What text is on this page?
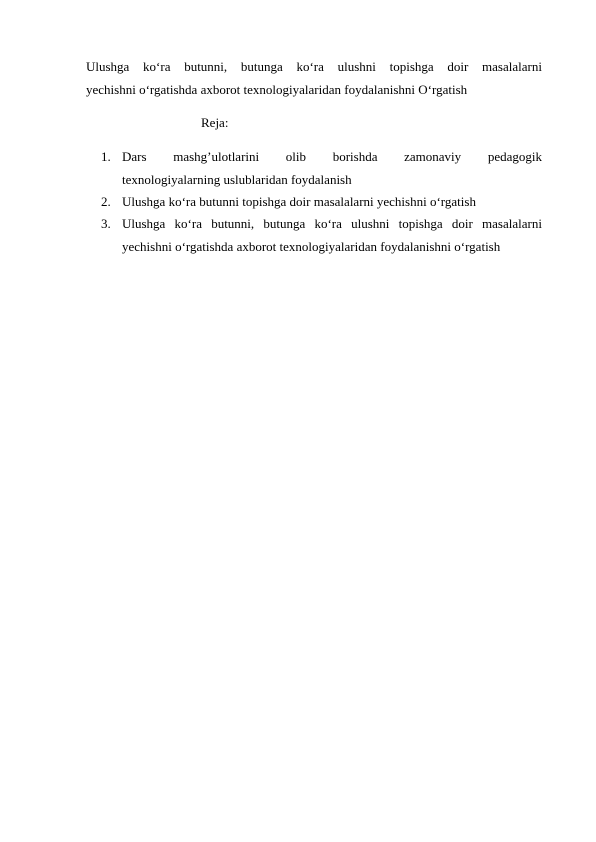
Ulushga ko‘ra butunni, butunga ko‘ra ulushni topishga doir masalalarni
yechishni o‘rgatishda axborot texnologiyalaridan foydalanishni O‘rgatish
Reja:
1. Dars mashg’ulotlarini olib borishda zamonaviy pedagogik
texnologiyalarning uslublaridan foydalanish
2. Ulushga ko‘ra butunni topishga doir masalalarni yechishni o‘rgatish
3. Ulushga ko‘ra butunni, butunga ko‘ra ulushni topishga doir masalalarni
yechishni o‘rgatishda axborot texnologiyalaridan foydalanishni o‘rgatish
